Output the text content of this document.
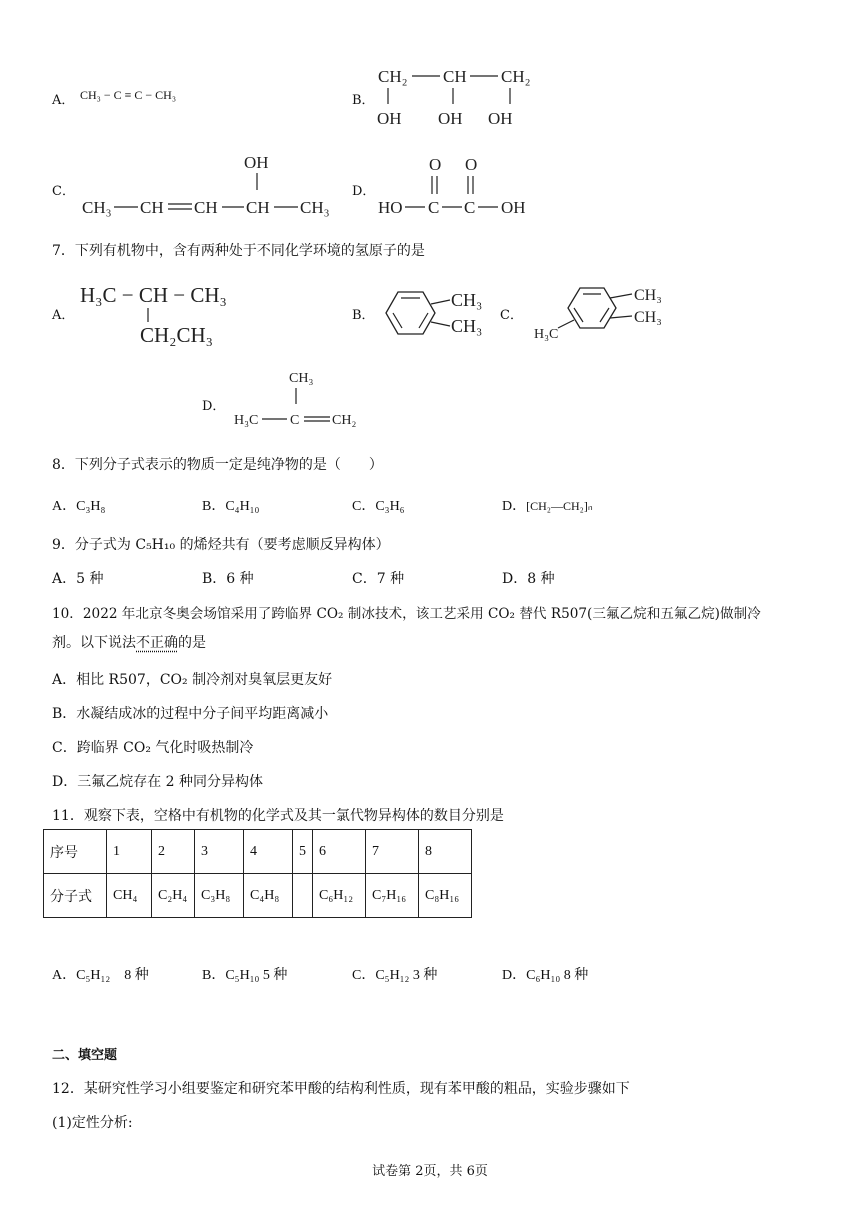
A． CH₃ − C ≡ C − CH₃	B．
CH₂ CH CH₂
OH OH OH
C．
OH
CH₃ CH CH CH CH₃
D．
O O
HO C C OH
7．下列有机物中，含有两种处于不同化学环境的氢原子的是
A．
H₃C − CH − CH₃
CH₂CH₃
B．
CH₃
CH₃
C．
CH₃
CH₃
H₃C
D．
CH₃
H₃C C CH₂
8．下列分子式表示的物质一定是纯净物的是（　　）
A．C₃H₈	B．C₄H₁₀	C．C₃H₆	D．[CH₂—CH₂]ₙ
9．分子式为 C₅H₁₀ 的烯烃共有（要考虑顺反异构体）
A．5 种	B．6 种	C．7 种	D．8 种
10．2022 年北京冬奥会场馆采用了跨临界 CO₂ 制冰技术，该工艺采用 CO₂ 替代 R507(三氟乙烷和五氟乙烷)做制冷
剂。以下说法不正确的是
A．相比 R507，CO₂ 制冷剂对臭氧层更友好
B．水凝结成冰的过程中分子间平均距离减小
C．跨临界 CO₂ 气化时吸热制冷
D．三氟乙烷存在 2 种同分异构体
11．观察下表，空格中有机物的化学式及其一氯代物异构体的数目分别是
序号	1	2	3	4	5	6	7	8
分子式	CH₄	C₂H₄	C₃H₈	C₄H₈		C₆H₁₂	C₇H₁₆	C₈H₁₆
A．C₅H₁₂　8 种	B．C₅H₁₀ 5 种	C．C₅H₁₂ 3 种	D．C₆H₁₀ 8 种
二、填空题
12．某研究性学习小组要鉴定和研究苯甲酸的结构利性质，现有苯甲酸的粗品，实验步骤如下
(1)定性分析:
试卷第 2页，共 6页
